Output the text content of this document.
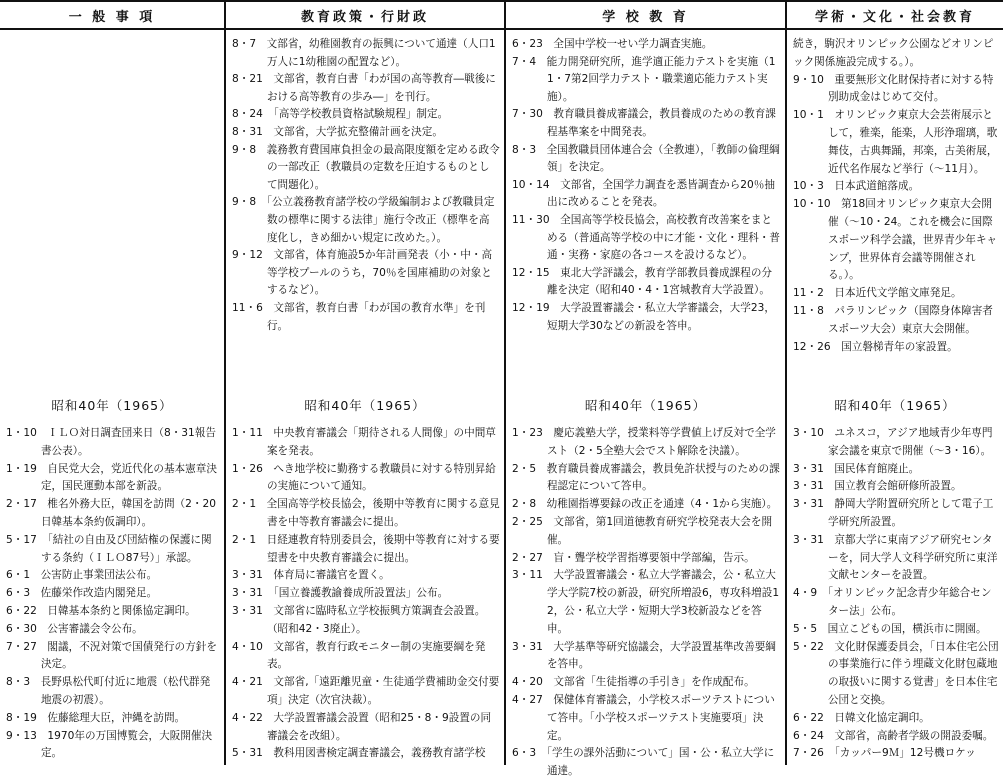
一 般 事 項
昭和40年（1965）

1・10　 ＩＬＯ対日調査団来日（8・31報告書公表）。

1・19　 自民党大会，党近代化の基本憲章決定，国民運動本部を新設。

2・17　 椎名外務大臣，韓国を訪問（2・20日韓基本条約仮調印）。

5・17　 「結社の自由及び団結権の保護に関する条約（ＩＬＯ87号）」承認。

6・1　 公害防止事業団法公布。

6・3　 佐藤栄作改造内閣発足。

6・22　 日韓基本条約と関係協定調印。

6・30　 公害審議会令公布。

7・27　 閣議，不況対策で国債発行の方針を決定。

8・3　 長野県松代町付近に地震（松代群発地震の初震）。

8・19　 佐藤総理大臣，沖縄を訪問。

9・13　 1970年の万国博覧会，大阪開催決定。

教育政策・行財政

8・7　 文部省，幼稚園教育の振興について通達（人口1万人に1幼稚園の配置など）。

8・21　 文部省，教育白書「わが国の高等教育―戦後における高等教育の歩み―」を刊行。

8・24　 「高等学校教員資格試験規程」制定。

8・31　 文部省，大学拡充整備計画を決定。

9・8　 義務教育費国庫負担金の最高限度額を定める政令の一部改正（教職員の定数を圧迫するものとして問題化）。

9・8　 「公立義務教育諸学校の学級編制および教職員定数の標準に関する法律」施行令改正（標準を高度化し，きめ細かい規定に改めた。）。

9・12　 文部省，体育施設5か年計画発表（小・中・高等学校プールのうち，70％を国庫補助の対象とするなど）。

11・6　 文部省，教育白書「わが国の教育水準」を刊行。

昭和40年（1965）

1・11　 中央教育審議会「期待される人間像」の中間草案を発表。

1・26　 へき地学校に勤務する教職員に対する特別昇給の実施について通知。

2・1　 全国高等学校長協会，後期中等教育に関する意見書を中等教育審議会に提出。

2・1　 日経連教育特別委員会，後期中等教育に対する要望書を中央教育審議会に提出。

3・31　 体育局に審議官を置く。

3・31　 「国立養護教諭養成所設置法」公布。

3・31　 文部省に臨時私立学校振興方策調査会設置。（昭和42・3廃止）。

4・10　 文部省，教育行政モニター制の実施要綱を発表。

4・21　 文部省,「遠距離児童・生徒通学費補助金交付要項」決定（次官決裁）。

4・22　 大学設置審議会設置（昭和25・8・9設置の同審議会を改組）。

5・31　 教科用図書検定調査審議会，義務教育諸学校

学 校 教 育

6・23　 全国中学校一せい学力調査実施。

7・4　 能力開発研究所，進学適正能力テストを実施（11・7第2回学力テスト・職業適応能力テスト実施）。

7・30　 教育職員養成審議会，教員養成のための教育課程基準案を中間発表。

8・3　 全国教職員団体連合会（全教連），「教師の倫理綱領」を決定。

10・14　 文部省，全国学力調査を悉皆調査から20％抽出に改めることを発表。

11・30　 全国高等学校長協会，高校教育改善案をまとめる（普通高等学校の中に才能・文化・理科・普通・実務・家庭の各コースを設けるなど）。

12・15　 東北大学評議会，教育学部教員養成課程の分離を決定（昭和40・4・1宮城教育大学設置）。

12・19　 大学設置審議会・私立大学審議会，大学23，短期大学30などの新設を答申。

昭和40年（1965）

1・23　 慶応義塾大学，授業料等学費値上げ反対で全学スト（2・5全塾大会でスト解除を決議）。

2・5　 教育職員養成審議会，教員免許状授与のための課程認定について答申。

2・8　 幼稚園指導要録の改正を通達（4・1から実施）。

2・25　 文部省，第1回道徳教育研究学校発表大会を開催。

2・27　 盲・聾学校学習指導要領中学部編，告示。

3・11　 大学設置審議会・私立大学審議会，公・私立大学大学院7校の新設，研究所増設6，専攻科増設12，公・私立大学・短期大学3校新設などを答申。

3・31　 大学基準等研究協議会，大学設置基準改善要綱を答申。

4・20　 文部省「生徒指導の手引き」を作成配布。

4・27　 保健体育審議会，小学校スポーツテストについて答申。「小学校スポーツテスト実施要項」決定。

6・3　 「学生の課外活動について」国・公・私立大学に通達。

学術・文化・社会教育

続き，駒沢オリンピック公園などオリンピック関係施設完成する。）。

9・10　 重要無形文化財保持者に対する特別助成金はじめて交付。

10・1　 オリンピック東京大会芸術展示として，雅楽，能楽，人形浄瑠璃，歌舞伎，古典舞踊，邦楽，古美術展，近代名作展など挙行（～11月）。

10・3　 日本武道館落成。

10・10　 第18回オリンピック東京大会開催（～10・24。これを機会に国際スポーツ科学会議，世界青少年キャンプ，世界体育会議等開催される。）。

11・2　 日本近代文学館文庫発足。

11・8　 パラリンピック（国際身体障害者スポーツ大会）東京大会開催。

12・26　 国立磐梯青年の家設置。

昭和40年（1965）

3・10　 ユネスコ，アジア地域青少年専門家会議を東京で開催（～3・16）。

3・31　 国民体育館廃止。

3・31　 国立教育会館研修所設置。

3・31　 静岡大学附置研究所として電子工学研究所設置。

3・31　 京都大学に東南アジア研究センターを，同大学人文科学研究所に東洋文献センターを設置。

4・9　 「オリンピック記念青少年総合センター法」公布。

5・5　 国立こどもの国，横浜市に開園。

5・22　 文化財保護委員会，「日本住宅公団の事業施行に伴う埋蔵文化財包蔵地の取扱いに関する覚書」を日本住宅公団と交換。

6・22　 日韓文化協定調印。

6・24　 文部省，高齢者学級の開設委嘱。

7・26　 「カッパー9Ｍ」12号機ロケッ
